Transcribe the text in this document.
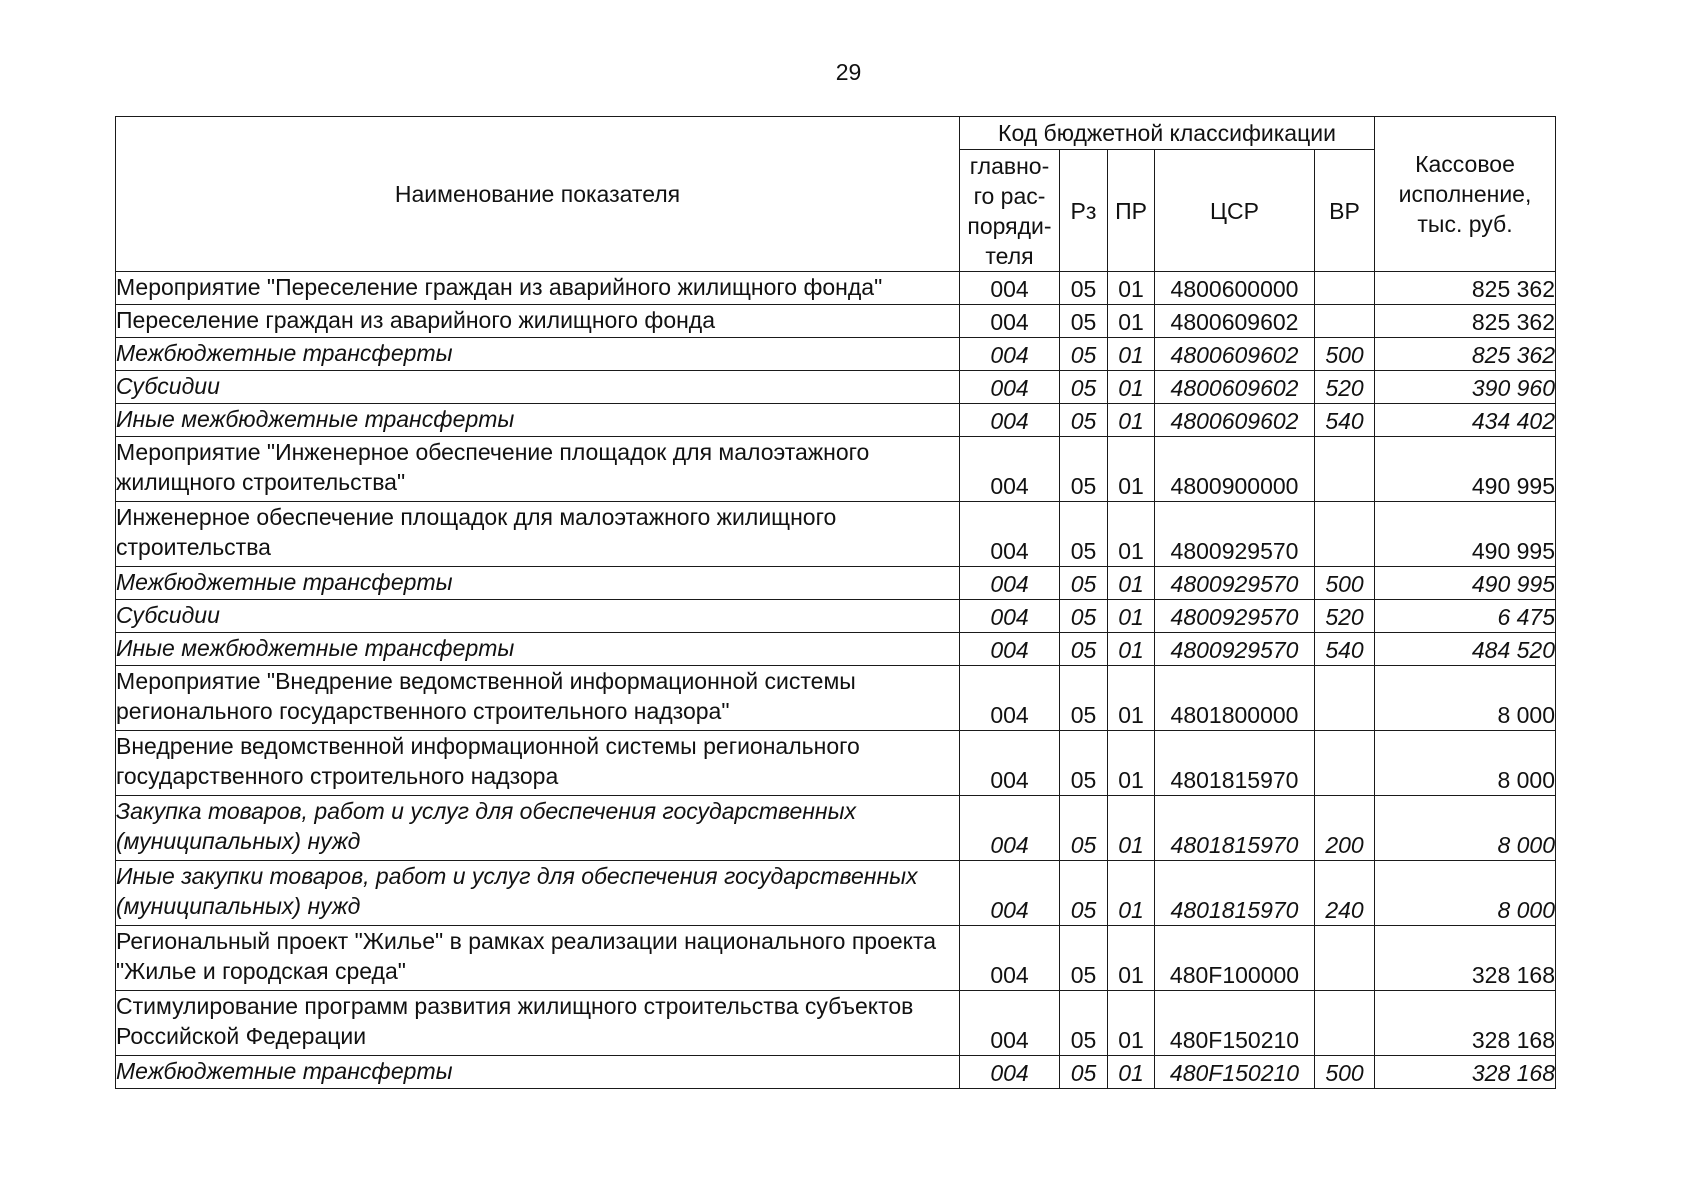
29
Наименование показателя	Код бюджетной классификации					Кассовое исполнение, тыс. руб.
	главно-го рас-поряди-теля	Рз	ПР	ЦСР	ВР	
Мероприятие "Переселение граждан из аварийного жилищного фонда"	004	05	01	4800600000		825 362
Переселение граждан из аварийного жилищного фонда	004	05	01	4800609602		825 362
Межбюджетные трансферты	004	05	01	4800609602	500	825 362
Субсидии	004	05	01	4800609602	520	390 960
Иные межбюджетные трансферты	004	05	01	4800609602	540	434 402
Мероприятие "Инженерное обеспечение площадок для малоэтажного жилищного строительства"	004	05	01	4800900000		490 995
Инженерное обеспечение площадок для малоэтажного жилищного строительства	004	05	01	4800929570		490 995
Межбюджетные трансферты	004	05	01	4800929570	500	490 995
Субсидии	004	05	01	4800929570	520	6 475
Иные межбюджетные трансферты	004	05	01	4800929570	540	484 520
Мероприятие "Внедрение ведомственной информационной системы регионального государственного строительного надзора"	004	05	01	4801800000		8 000
Внедрение ведомственной информационной системы регионального государственного строительного надзора	004	05	01	4801815970		8 000
Закупка товаров, работ и услуг для обеспечения государственных (муниципальных) нужд	004	05	01	4801815970	200	8 000
Иные закупки товаров, работ и услуг для обеспечения государственных (муниципальных) нужд	004	05	01	4801815970	240	8 000
Региональный проект "Жилье" в рамках реализации национального проекта "Жилье и городская среда"	004	05	01	480F100000		328 168
Стимулирование программ развития жилищного строительства субъектов Российской Федерации	004	05	01	480F150210		328 168
Межбюджетные трансферты	004	05	01	480F150210	500	328 168
